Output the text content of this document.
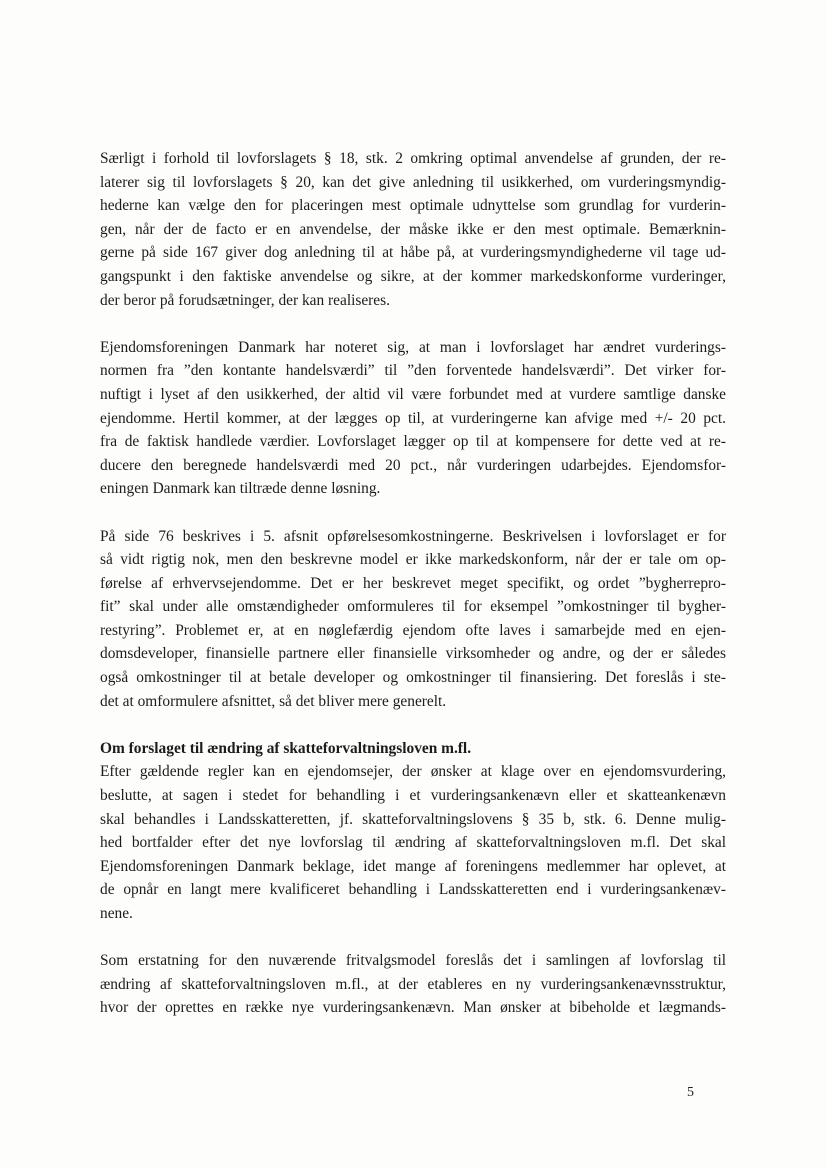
Særligt i forhold til lovforslagets § 18, stk. 2 omkring optimal anvendelse af grunden, der re-
laterer sig til lovforslagets § 20, kan det give anledning til usikkerhed, om vurderingsmyndig-
hederne kan vælge den for placeringen mest optimale udnyttelse som grundlag for vurderin-
gen, når der de facto er en anvendelse, der måske ikke er den mest optimale. Bemærknin-
gerne på side 167 giver dog anledning til at håbe på, at vurderingsmyndighederne vil tage ud-
gangspunkt i den faktiske anvendelse og sikre, at der kommer markedskonforme vurderinger,
der beror på forudsætninger, der kan realiseres.

Ejendomsforeningen Danmark har noteret sig, at man i lovforslaget har ændret vurderings-
normen fra ”den kontante handelsværdi” til ”den forventede handelsværdi”. Det virker for-
nuftigt i lyset af den usikkerhed, der altid vil være forbundet med at vurdere samtlige danske
ejendomme. Hertil kommer, at der lægges op til, at vurderingerne kan afvige med +/- 20 pct.
fra de faktisk handlede værdier. Lovforslaget lægger op til at kompensere for dette ved at re-
ducere den beregnede handelsværdi med 20 pct., når vurderingen udarbejdes. Ejendomsfor-
eningen Danmark kan tiltræde denne løsning.

På side 76 beskrives i 5. afsnit opførelsesomkostningerne. Beskrivelsen i lovforslaget er for
så vidt rigtig nok, men den beskrevne model er ikke markedskonform, når der er tale om op-
førelse af erhvervsejendomme. Det er her beskrevet meget specifikt, og ordet ”bygherrepro-
fit” skal under alle omstændigheder omformuleres til for eksempel ”omkostninger til bygher-
restyring”. Problemet er, at en nøglefærdig ejendom ofte laves i samarbejde med en ejen-
domsdeveloper, finansielle partnere eller finansielle virksomheder og andre, og der er således
også omkostninger til at betale developer og omkostninger til finansiering. Det foreslås i ste-
det at omformulere afsnittet, så det bliver mere generelt.

Om forslaget til ændring af skatteforvaltningsloven m.fl.
Efter gældende regler kan en ejendomsejer, der ønsker at klage over en ejendomsvurdering,
beslutte, at sagen i stedet for behandling i et vurderingsankenævn eller et skatteankenævn
skal behandles i Landsskatteretten, jf. skatteforvaltningslovens § 35 b, stk. 6. Denne mulig-
hed bortfalder efter det nye lovforslag til ændring af skatteforvaltningsloven m.fl. Det skal
Ejendomsforeningen Danmark beklage, idet mange af foreningens medlemmer har oplevet, at
de opnår en langt mere kvalificeret behandling i Landsskatteretten end i vurderingsankenæv-
nene.

Som erstatning for den nuværende fritvalgsmodel foreslås det i samlingen af lovforslag til
ændring af skatteforvaltningsloven m.fl., at der etableres en ny vurderingsankenævnsstruktur,
hvor der oprettes en række nye vurderingsankenævn. Man ønsker at bibeholde et lægmands-

5
